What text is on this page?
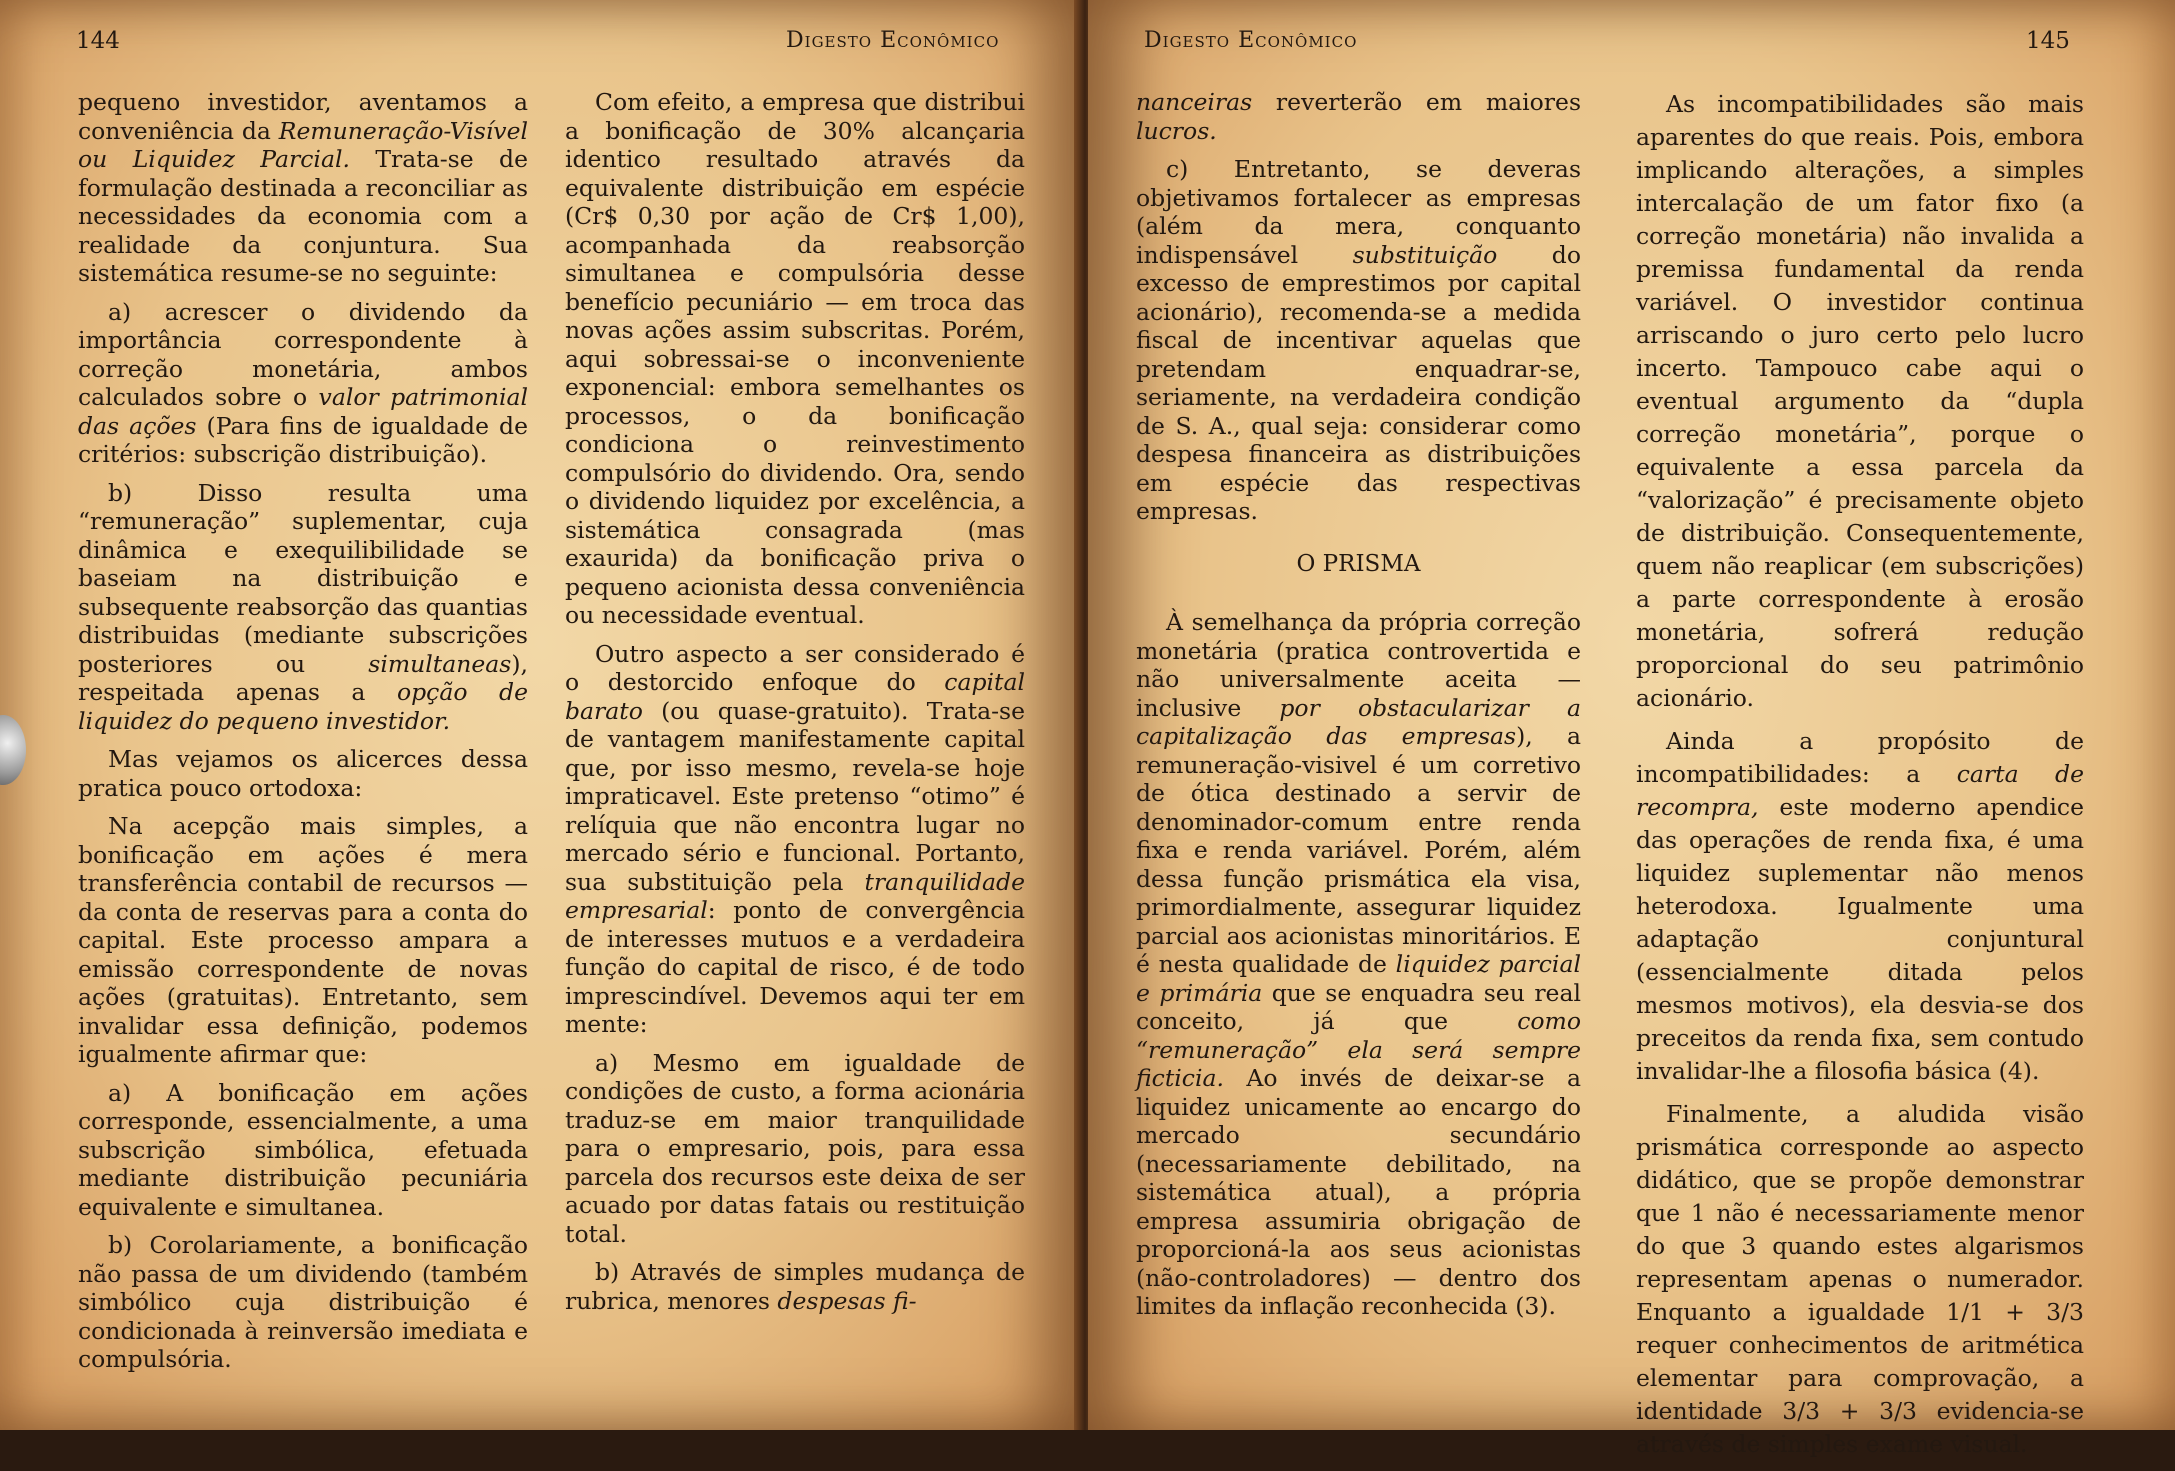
144	Digesto Econômico

pequeno investidor, aventamos a conveniência da Remuneração-Visível ou Liquidez Parcial. Trata-se de formulação destinada a reconciliar as necessidades da economia com a realidade da conjuntura. Sua sistemática resume-se no seguinte:

a) acrescer o dividendo da importância correspondente à correção monetária, ambos calculados sobre o valor patrimonial das ações (Para fins de igualdade de critérios: subscrição distribuição).

b) Disso resulta uma “remuneração” suplementar, cuja dinâmica e exequilibilidade se baseiam na distribuição e subsequente reabsorção das quantias distribuidas (mediante subscrições posteriores ou simultaneas), respeitada apenas a opção de liquidez do pequeno investidor.

Mas vejamos os alicerces dessa pratica pouco ortodoxa:

Na acepção mais simples, a bonificação em ações é mera transferência contabil de recursos — da conta de reservas para a conta do capital. Este processo ampara a emissão correspondente de novas ações (gratuitas). Entretanto, sem invalidar essa definição, podemos igualmente afirmar que:

a) A bonificação em ações corresponde, essencialmente, a uma subscrição simbólica, efetuada mediante distribuição pecuniária equivalente e simultanea.

b) Corolariamente, a bonificação não passa de um dividendo (também simbólico cuja distribuição é condicionada à reinversão imediata e compulsória.

Com efeito, a empresa que distribui a bonificação de 30% alcançaria identico resultado através da equivalente distribuição em espécie (Cr$ 0,30 por ação de Cr$ 1,00), acompanhada da reabsorção simultanea e compulsória desse benefício pecuniário — em troca das novas ações assim subscritas. Porém, aqui sobressai-se o inconveniente exponencial: embora semelhantes os processos, o da bonificação condiciona o reinvestimento compulsório do dividendo. Ora, sendo o dividendo liquidez por excelência, a sistemática consagrada (mas exaurida) da bonificação priva o pequeno acionista dessa conveniência ou necessidade eventual.

Outro aspecto a ser considerado é o destorcido enfoque do capital barato (ou quase-gratuito). Trata-se de vantagem manifestamente capital que, por isso mesmo, revela-se hoje impraticavel. Este pretenso “otimo” é relíquia que não encontra lugar no mercado sério e funcional. Portanto, sua substituição pela tranquilidade empresarial: ponto de convergência de interesses mutuos e a verdadeira função do capital de risco, é de todo imprescindível. Devemos aqui ter em mente:

a) Mesmo em igualdade de condições de custo, a forma acionária traduz-se em maior tranquilidade para o empresario, pois, para essa parcela dos recursos este deixa de ser acuado por datas fatais ou restituição total.

b) Através de simples mudança de rubrica, menores despesas fi-

Digesto Econômico	145

nanceiras reverterão em maiores lucros.

c) Entretanto, se deveras objetivamos fortalecer as empresas (além da mera, conquanto indispensável substituição do excesso de emprestimos por capital acionário), recomenda-se a medida fiscal de incentivar aquelas que pretendam enquadrar-se, seriamente, na verdadeira condição de S. A., qual seja: considerar como despesa financeira as distribuições em espécie das respectivas empresas.

O PRISMA

À semelhança da própria correção monetária (pratica controvertida e não universalmente aceita — inclusive por obstacularizar a capitalização das empresas), a remuneração-visivel é um corretivo de ótica destinado a servir de denominador-comum entre renda fixa e renda variável. Porém, além dessa função prismática ela visa, primordialmente, assegurar liquidez parcial aos acionistas minoritários. E é nesta qualidade de liquidez parcial e primária que se enquadra seu real conceito, já que como “remuneração” ela será sempre ficticia. Ao invés de deixar-se a liquidez unicamente ao encargo do mercado secundário (necessariamente debilitado, na sistemática atual), a própria empresa assumiria obrigação de proporcioná-la aos seus acionistas (não-controladores) — dentro dos limites da inflação reconhecida (3).

As incompatibilidades são mais aparentes do que reais. Pois, embora implicando alterações, a simples intercalação de um fator fixo (a correção monetária) não invalida a premissa fundamental da renda variável. O investidor continua arriscando o juro certo pelo lucro incerto. Tampouco cabe aqui o eventual argumento da “dupla correção monetária”, porque o equivalente a essa parcela da “valorização” é precisamente objeto de distribuição. Consequentemente, quem não reaplicar (em subscrições) a parte correspondente à erosão monetária, sofrerá redução proporcional do seu patrimônio acionário.

Ainda a propósito de incompatibilidades: a carta de recompra, este moderno apendice das operações de renda fixa, é uma liquidez suplementar não menos heterodoxa. Igualmente uma adaptação conjuntural (essencialmente ditada pelos mesmos motivos), ela desvia-se dos preceitos da renda fixa, sem contudo invalidar-lhe a filosofia básica (4).

Finalmente, a aludida visão prismática corresponde ao aspecto didático, que se propõe demonstrar que 1 não é necessariamente menor do que 3 quando estes algarismos representam apenas o numerador. Enquanto a igualdade 1/1 + 3/3 requer conhecimentos de aritmética elementar para comprovação, a identidade 3/3 + 3/3 evidencia-se através de simples exame visual.
